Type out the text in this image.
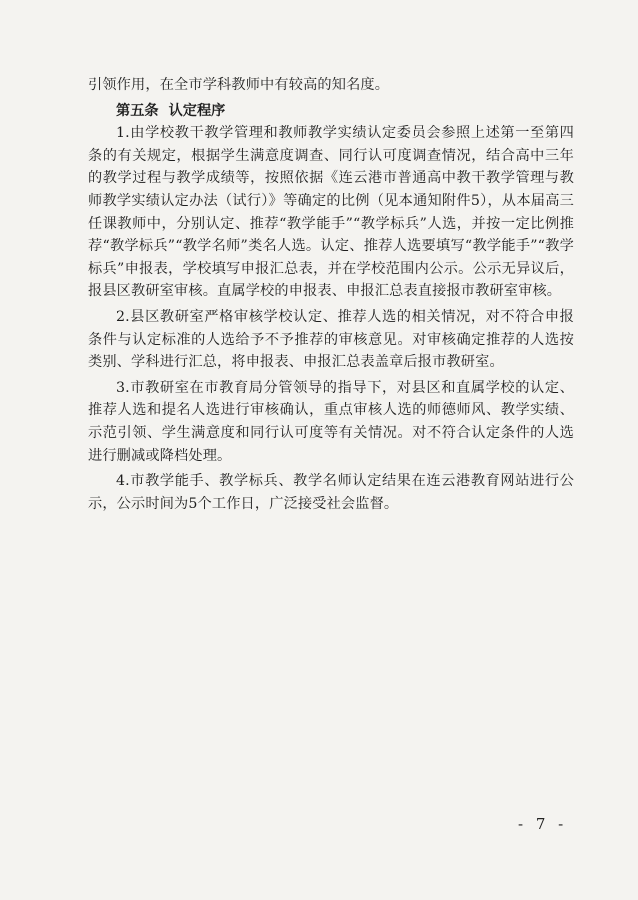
引领作用，在全市学科教师中有较高的知名度。

第五条 认定程序

1.由学校教干教学管理和教师教学实绩认定委员会参照上述第一至第四条的有关规定，根据学生满意度调查、同行认可度调查情况，结合高中三年的教学过程与教学成绩等，按照依据《连云港市普通高中教干教学管理与教师教学实绩认定办法（试行）》等确定的比例（见本通知附件5），从本届高三任课教师中，分别认定、推荐“教学能手”“教学标兵”人选，并按一定比例推荐“教学标兵”“教学名师”类名人选。认定、推荐人选要填写“教学能手”“教学标兵”申报表，学校填写申报汇总表，并在学校范围内公示。公示无异议后，报县区教研室审核。直属学校的申报表、申报汇总表直接报市教研室审核。

2.县区教研室严格审核学校认定、推荐人选的相关情况，对不符合申报条件与认定标准的人选给予不予推荐的审核意见。对审核确定推荐的人选按类别、学科进行汇总，将申报表、申报汇总表盖章后报市教研室。

3.市教研室在市教育局分管领导的指导下，对县区和直属学校的认定、推荐人选和提名人选进行审核确认，重点审核人选的师德师风、教学实绩、示范引领、学生满意度和同行认可度等有关情况。对不符合认定条件的人选进行删减或降档处理。

4.市教学能手、教学标兵、教学名师认定结果在连云港教育网站进行公示，公示时间为5个工作日，广泛接受社会监督。

- 7 -
